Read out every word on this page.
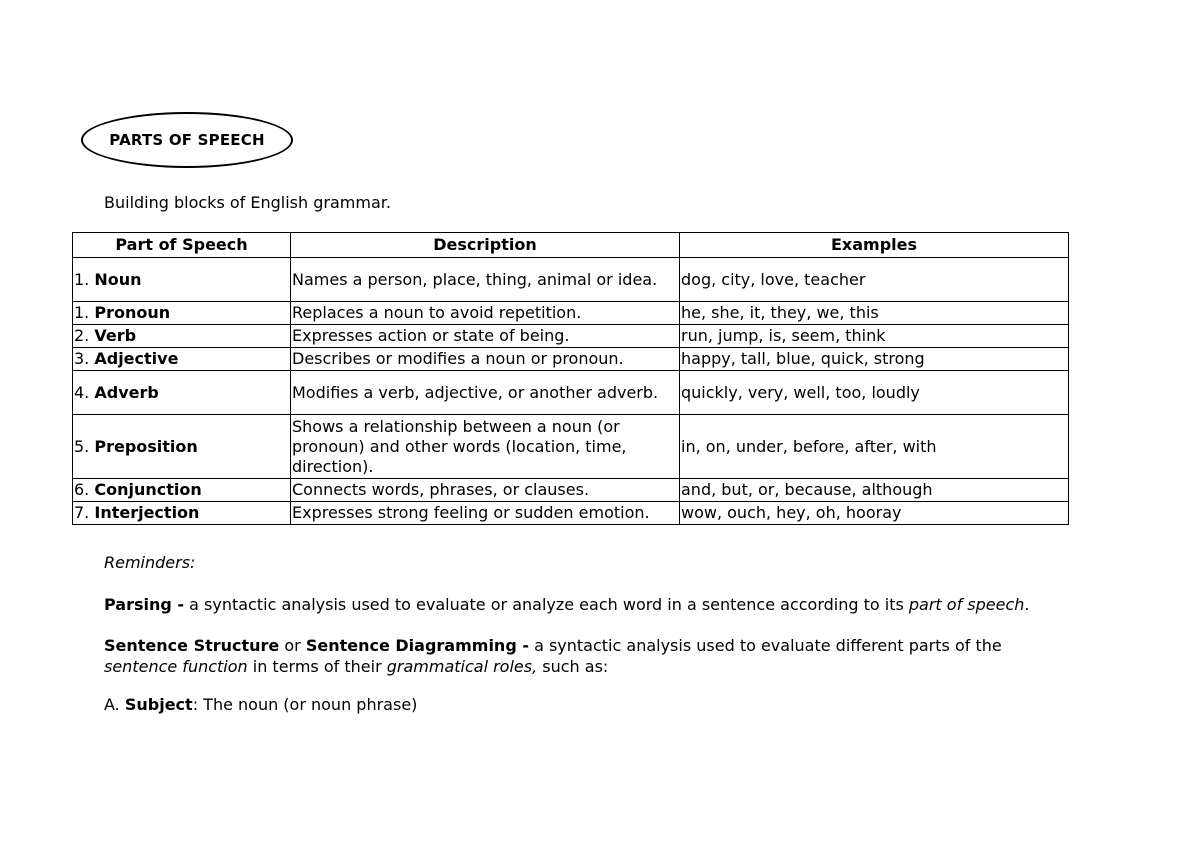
PARTS OF SPEECH
Building blocks of English grammar.
Part of Speech	Description	Examples
1. Noun	Names a person, place, thing, animal or idea.	dog, city, love, teacher
1. Pronoun	Replaces a noun to avoid repetition.	he, she, it, they, we, this
2. Verb	Expresses action or state of being.	run, jump, is, seem, think
3. Adjective	Describes or modifies a noun or pronoun.	happy, tall, blue, quick, strong
4. Adverb	Modifies a verb, adjective, or another adverb.	quickly, very, well, too, loudly
5. Preposition	Shows a relationship between a noun (or pronoun) and other words (location, time, direction).	in, on, under, before, after, with
6. Conjunction	Connects words, phrases, or clauses.	and, but, or, because, although
7. Interjection	Expresses strong feeling or sudden emotion.	wow, ouch, hey, oh, hooray
Reminders:
Parsing - a syntactic analysis used to evaluate or analyze each word in a sentence according to its part of speech.
Sentence Structure or Sentence Diagramming - a syntactic analysis used to evaluate different parts of the
sentence function in terms of their grammatical roles, such as:
A. Subject: The noun (or noun phrase)
